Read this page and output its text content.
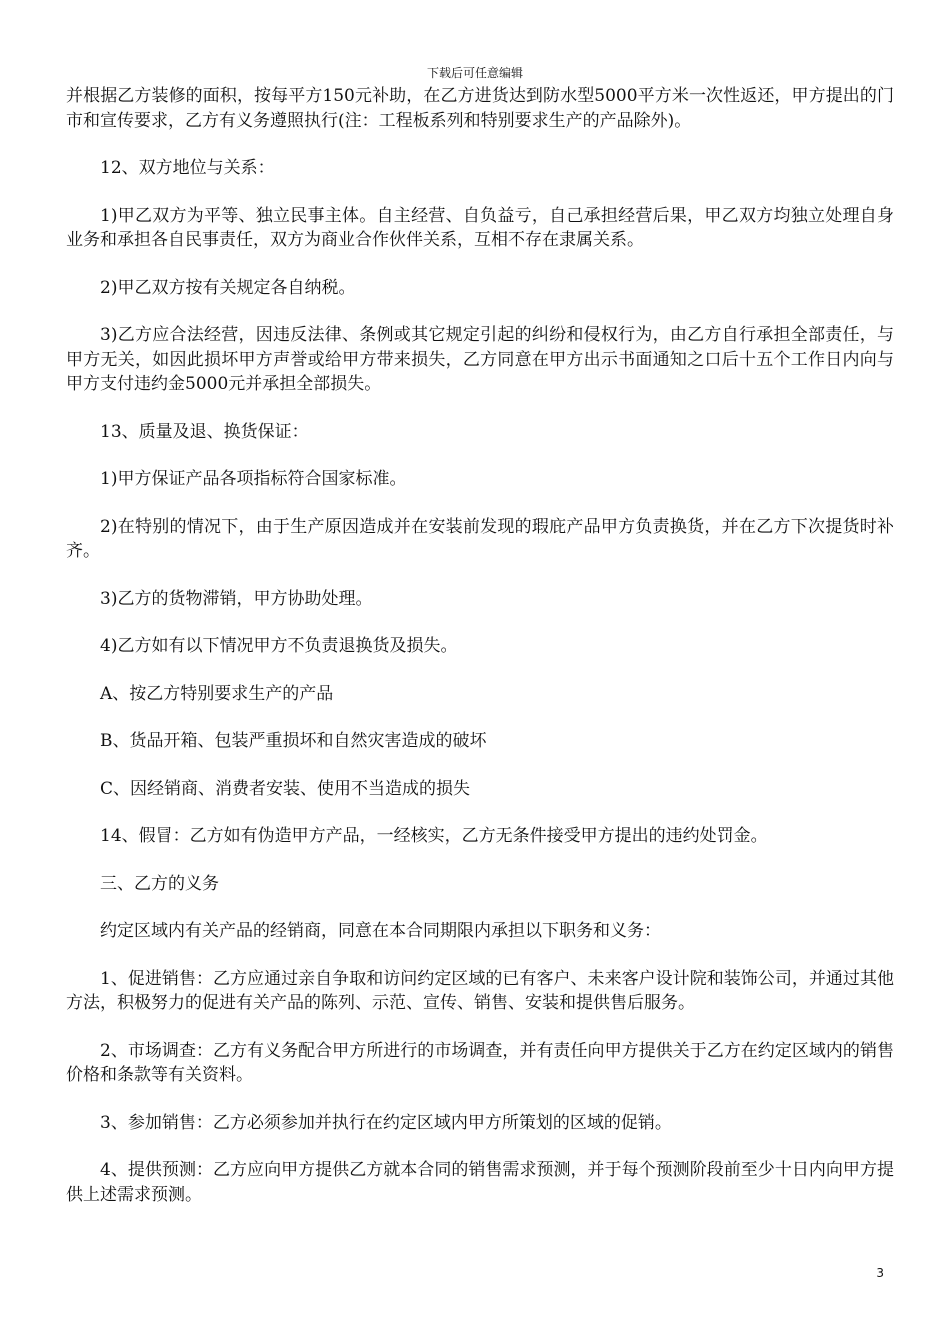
下载后可任意编辑

并根据乙方装修的面积，按每平方150元补助，在乙方进货达到防水型5000平方米一次性返还，甲方提出的门市和宣传要求，乙方有义务遵照执行(注：工程板系列和特别要求生产的产品除外)。

12、双方地位与关系：

1)甲乙双方为平等、独立民事主体。自主经营、自负益亏，自己承担经营后果，甲乙双方均独立处理自身业务和承担各自民事责任，双方为商业合作伙伴关系，互相不存在隶属关系。

2)甲乙双方按有关规定各自纳税。

3)乙方应合法经营，因违反法律、条例或其它规定引起的纠纷和侵权行为，由乙方自行承担全部责任，与甲方无关，如因此损坏甲方声誉或给甲方带来损失，乙方同意在甲方出示书面通知之口后十五个工作日内向与甲方支付违约金5000元并承担全部损失。

13、质量及退、换货保证：

1)甲方保证产品各项指标符合国家标准。

2)在特别的情况下，由于生产原因造成并在安装前发现的瑕庇产品甲方负责换货，并在乙方下次提货时补齐。

3)乙方的货物滞销，甲方协助处理。

4)乙方如有以下情况甲方不负责退换货及损失。

A、按乙方特别要求生产的产品

B、货品开箱、包装严重损坏和自然灾害造成的破坏

C、因经销商、消费者安装、使用不当造成的损失

14、假冒：乙方如有伪造甲方产品，一经核实，乙方无条件接受甲方提出的违约处罚金。

三、乙方的义务

约定区域内有关产品的经销商，同意在本合同期限内承担以下职务和义务：

1、促进销售：乙方应通过亲自争取和访问约定区域的已有客户、未来客户设计院和装饰公司，并通过其他方法，积极努力的促进有关产品的陈列、示范、宣传、销售、安装和提供售后服务。

2、市场调查：乙方有义务配合甲方所进行的市场调查，并有责任向甲方提供关于乙方在约定区域内的销售价格和条款等有关资料。

3、参加销售：乙方必须参加并执行在约定区域内甲方所策划的区域的促销。

4、提供预测：乙方应向甲方提供乙方就本合同的销售需求预测，并于每个预测阶段前至少十日内向甲方提供上述需求预测。

3
